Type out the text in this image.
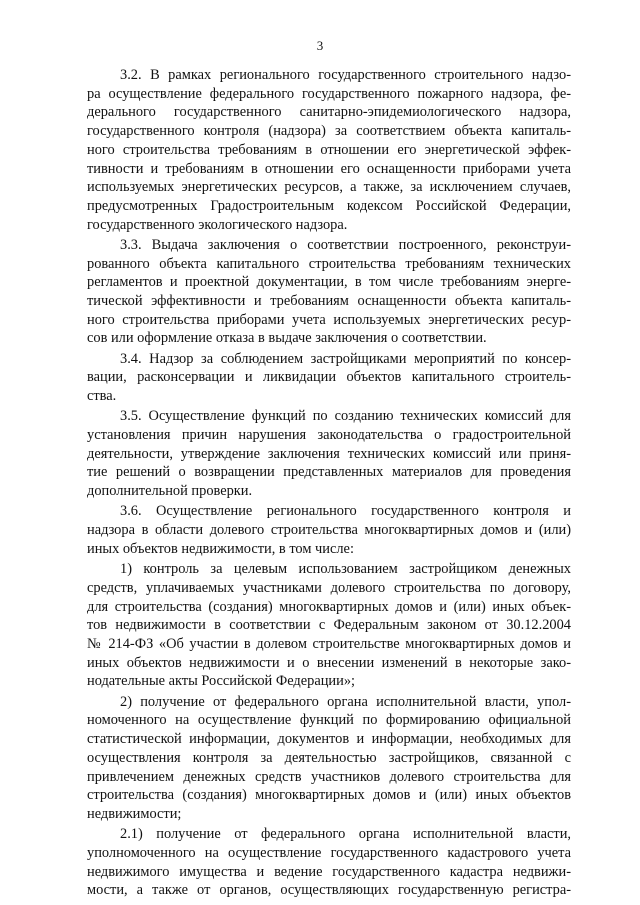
3
3.2. В рамках регионального государственного строительного надзо-
ра осуществление федерального государственного пожарного надзора, фе-
дерального государственного санитарно-эпидемиологического надзора,
государственного контроля (надзора) за соответствием объекта капиталь-
ного строительства требованиям в отношении его энергетической эффек-
тивности и требованиям в отношении его оснащенности приборами учета
используемых энергетических ресурсов, а также, за исключением случаев,
предусмотренных Градостроительным кодексом Российской Федерации,
государственного экологического надзора.
3.3. Выдача заключения о соответствии построенного, реконструи-
рованного объекта капитального строительства требованиям технических
регламентов и проектной документации, в том числе требованиям энерге-
тической эффективности и требованиям оснащенности объекта капиталь-
ного строительства приборами учета используемых энергетических ресур-
сов или оформление отказа в выдаче заключения о соответствии.
3.4. Надзор за соблюдением застройщиками мероприятий по консер-
вации, расконсервации и ликвидации объектов капитального строитель-
ства.
3.5. Осуществление функций по созданию технических комиссий для
установления причин нарушения законодательства о градостроительной
деятельности, утверждение заключения технических комиссий или приня-
тие решений о возвращении представленных материалов для проведения
дополнительной проверки.
3.6. Осуществление регионального государственного контроля и
надзора в области долевого строительства многоквартирных домов и (или)
иных объектов недвижимости, в том числе:
1) контроль за целевым использованием застройщиком денежных
средств, уплачиваемых участниками долевого строительства по договору,
для строительства (создания) многоквартирных домов и (или) иных объек-
тов недвижимости в соответствии с Федеральным законом от 30.12.2004
№ 214-ФЗ «Об участии в долевом строительстве многоквартирных домов и
иных объектов недвижимости и о внесении изменений в некоторые зако-
нодательные акты Российской Федерации»;
2) получение от федерального органа исполнительной власти, упол-
номоченного на осуществление функций по формированию официальной
статистической информации, документов и информации, необходимых для
осуществления контроля за деятельностью застройщиков, связанной с
привлечением денежных средств участников долевого строительства для
строительства (создания) многоквартирных домов и (или) иных объектов
недвижимости;
2.1) получение от федерального органа исполнительной власти,
уполномоченного на осуществление государственного кадастрового учета
недвижимого имущества и ведение государственного кадастра недвижи-
мости, а также от органов, осуществляющих государственную регистра-
